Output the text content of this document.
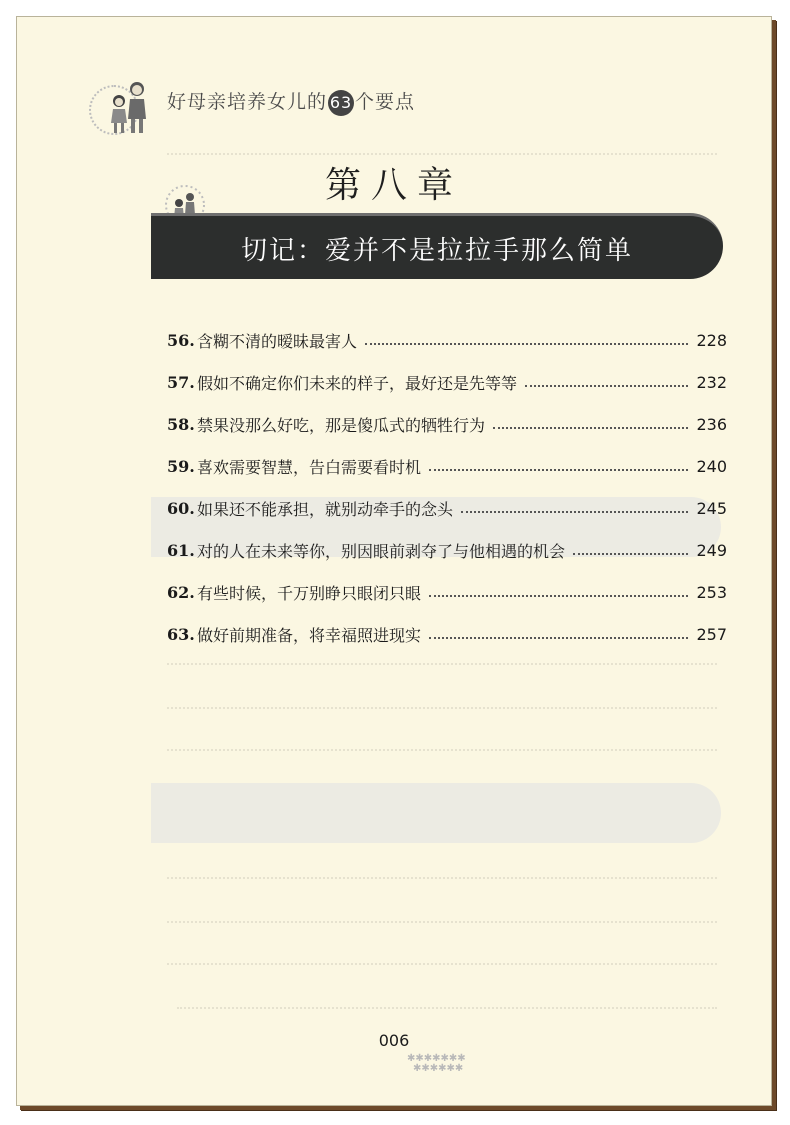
好母亲培养女儿的 63 个要点
第八章
切记：爱并不是拉拉手那么简单
56. 含糊不清的暧昧最害人	228
57. 假如不确定你们未来的样子，最好还是先等等	232
58. 禁果没那么好吃，那是傻瓜式的牺牲行为	236
59. 喜欢需要智慧，告白需要看时机	240
60. 如果还不能承担，就别动牵手的念头	245
61. 对的人在未来等你，别因眼前剥夺了与他相遇的机会	249
62. 有些时候，千万别睁只眼闭只眼	253
63. 做好前期准备，将幸福照进现实	257
006
✱✱✱✱✱✱✱
✱✱✱✱✱✱
